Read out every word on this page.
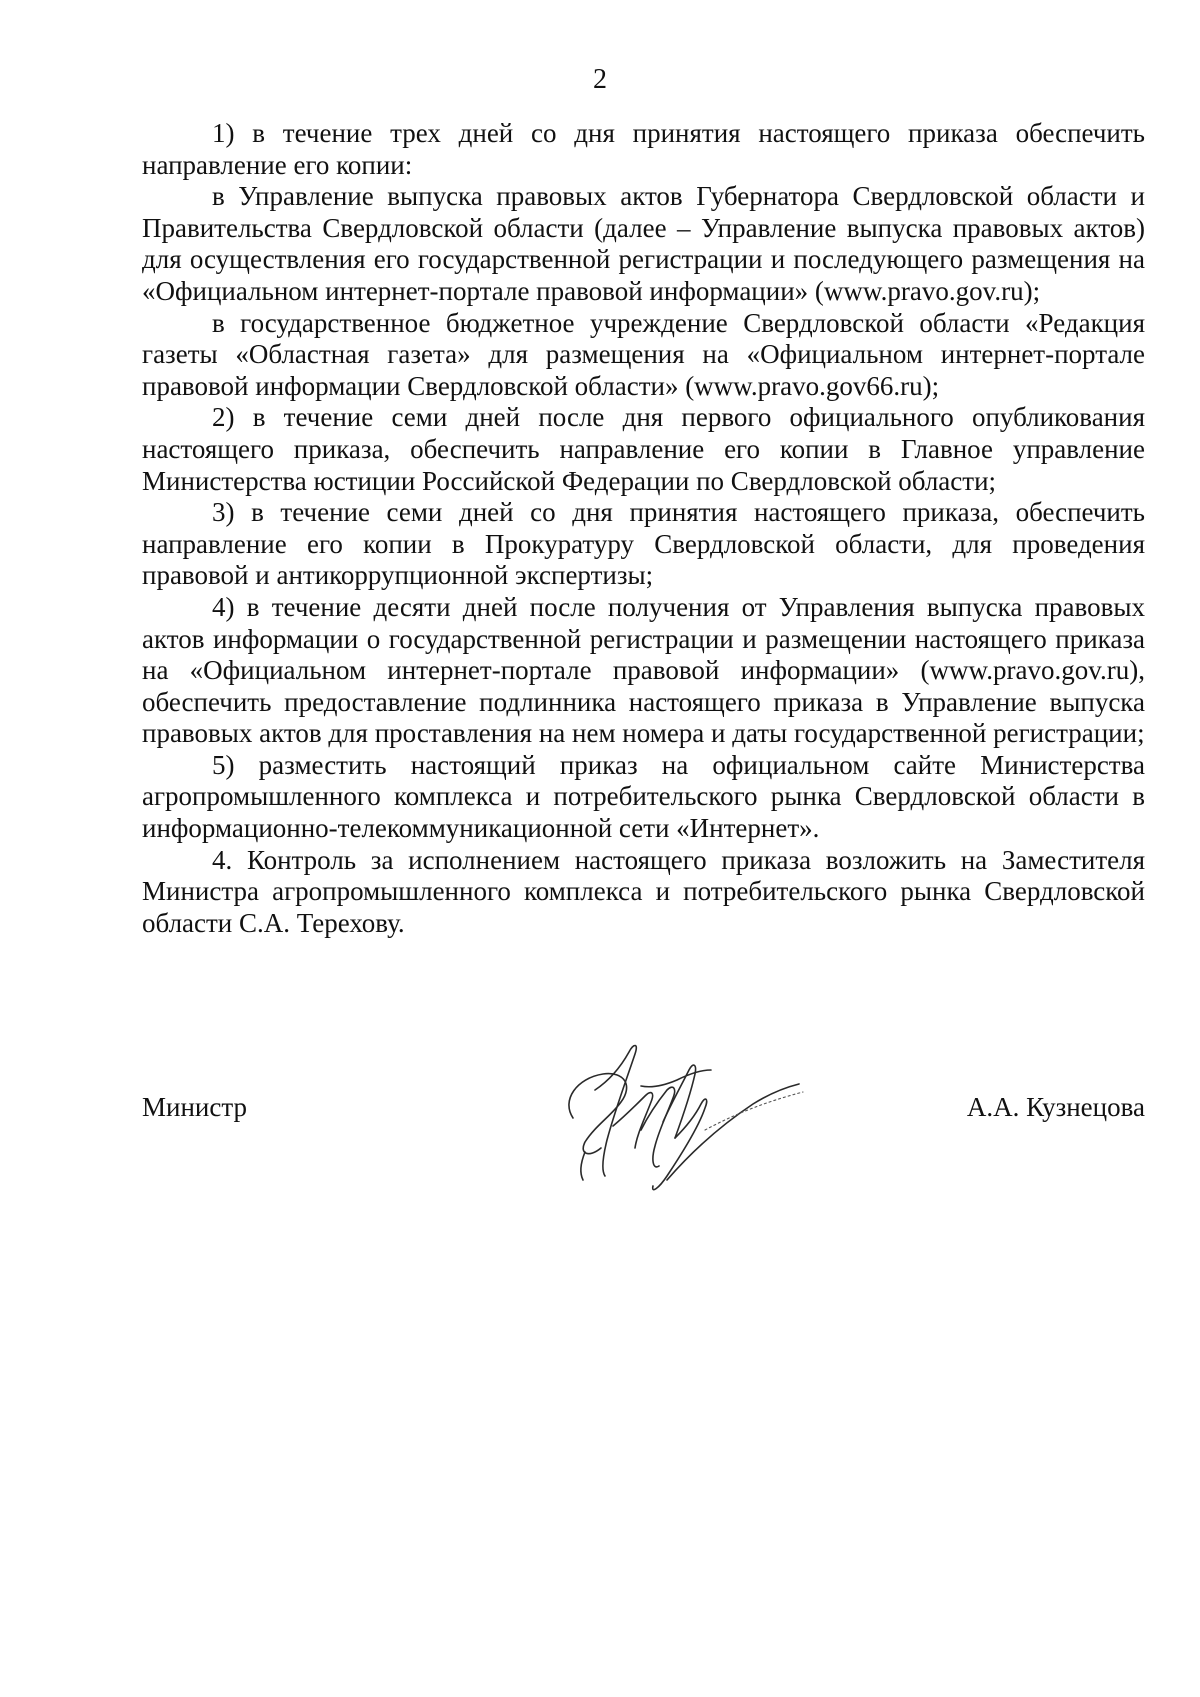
2

1) в течение трех дней со дня принятия настоящего приказа обеспечить направление его копии:

в Управление выпуска правовых актов Губернатора Свердловской области и Правительства Свердловской области (далее – Управление выпуска правовых актов) для осуществления его государственной регистрации и последующего размещения на «Официальном интернет-портале правовой информации» (www.pravo.gov.ru);

в государственное бюджетное учреждение Свердловской области «Редакция газеты «Областная газета» для размещения на «Официальном интернет-портале правовой информации Свердловской области» (www.pravo.gov66.ru);

2) в течение семи дней после дня первого официального опубликования настоящего приказа, обеспечить направление его копии в Главное управление Министерства юстиции Российской Федерации по Свердловской области;

3) в течение семи дней со дня принятия настоящего приказа, обеспечить направление его копии в Прокуратуру Свердловской области, для проведения правовой и антикоррупционной экспертизы;

4) в течение десяти дней после получения от Управления выпуска правовых актов информации о государственной регистрации и размещении настоящего приказа на «Официальном интернет-портале правовой информации» (www.pravo.gov.ru), обеспечить предоставление подлинника настоящего приказа в Управление выпуска правовых актов для проставления на нем номера и даты государственной регистрации;

5) разместить настоящий приказ на официальном сайте Министерства агропромышленного комплекса и потребительского рынка Свердловской области в информационно-телекоммуникационной сети «Интернет».

4. Контроль за исполнением настоящего приказа возложить на Заместителя Министра агропромышленного комплекса и потребительского рынка Свердловской области С.А. Терехову.

Министр	А.А. Кузнецова
